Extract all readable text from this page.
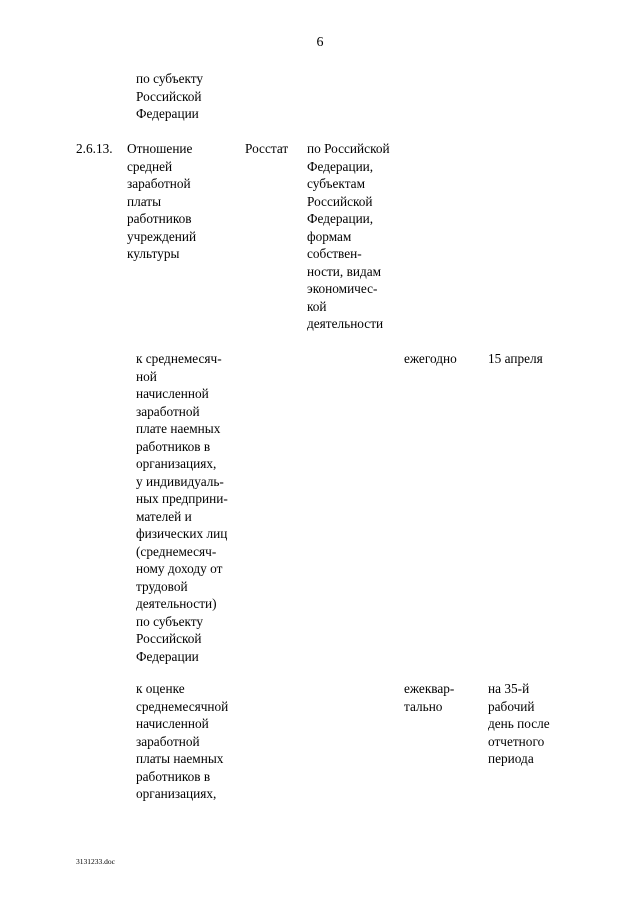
6
по субъекту
Российской
Федерации
2.6.13. Отношение
средней
заработной
платы
работников
учреждений
культуры
Росстат по Российской
Федерации,
субъектам
Российской
Федерации,
формам
собствен-
ности, видам
экономичес-
кой
деятельности
к среднемесяч-
ной
начисленной
заработной
плате наемных
работников в
организациях,
у индивидуаль-
ных предприни-
мателей и
физических лиц
(среднемесяч-
ному доходу от
трудовой
деятельности)
по субъекту
Российской
Федерации
ежегодно 15 апреля
к оценке
среднемесячной
начисленной
заработной
платы наемных
работников в
организациях,
ежеквар-
тально
на 35-й
рабочий
день после
отчетного
периода
3131233.doc
